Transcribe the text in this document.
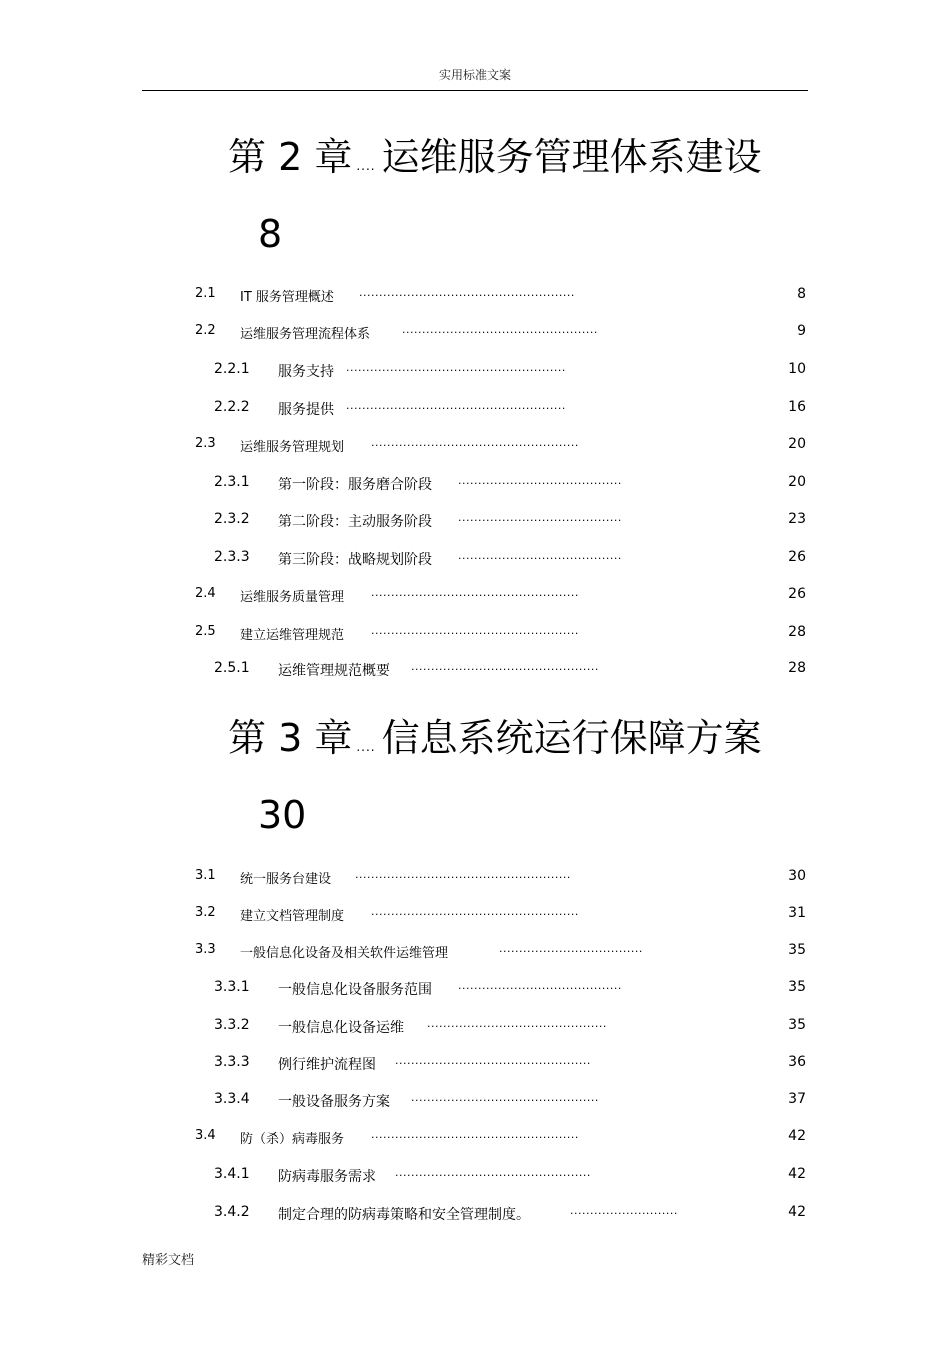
实用标准文案
第 2 章 .... 运维服务管理体系建设
8
2.1 IT 服务管理概述 ......................................................	8
2.2 运维服务管理流程体系	.................................................	9
2.2.1 服务支持 .......................................................	10
2.2.2 服务提供 .......................................................	16
2.3 运维服务管理规划 ....................................................	20
2.3.1 第一阶段：服务磨合阶段 .........................................	20
2.3.2 第二阶段：主动服务阶段 .........................................	23
2.3.3 第三阶段：战略规划阶段 .........................................	26
2.4 运维服务质量管理 ....................................................	26
2.5 建立运维管理规范 ....................................................	28
2.5.1 运维管理规范概要 ...............................................	28
第 3 章 .... 信息系统运行保障方案
30
3.1 统一服务台建设 ......................................................	30
3.2 建立文档管理制度 ....................................................	31
3.3 一般信息化设备及相关软件运维管理	....................................	35
3.3.1 一般信息化设备服务范围 .........................................	35
3.3.2 一般信息化设备运维 .............................................	35
3.3.3 例行维护流程图 .................................................	36
3.3.4 一般设备服务方案 ...............................................	37
3.4 防（杀）病毒服务 ....................................................	42
3.4.1 防病毒服务需求 .................................................	42
3.4.2 制定合理的防病毒策略和安全管理制度。	...........................	42
精彩文档
